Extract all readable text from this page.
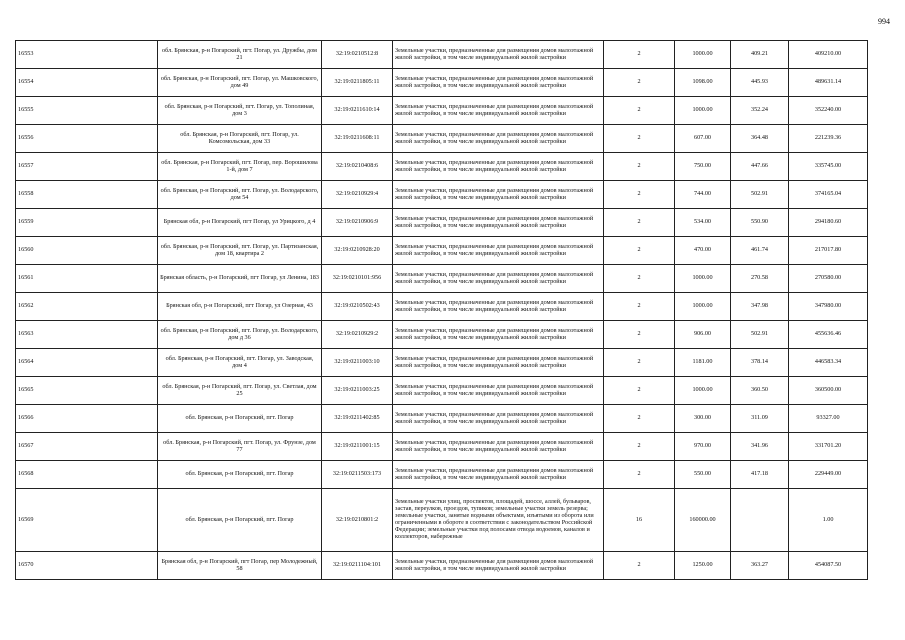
994
16553	обл. Брянская, р-н Погарский, пгт. Погар, ул. Дружбы, дом 21	32:19:0210512:8	Земельные участки, предназначенные для размещения домов малоэтажной жилой застройки, в том числе индивидуальной жилой застройки	2	1000.00	409.21	409210.00
16554	обл. Брянская, р-н Погарский, пгт. Погар, ул. Машковского, дом 49	32:19:0211805:11	Земельные участки, предназначенные для размещения домов малоэтажной жилой застройки, в том числе индивидуальной жилой застройки	2	1098.00	445.93	489631.14
16555	обл. Брянская, р-н Погарский, пгт. Погар, ул. Тополиная, дом 3	32:19:0211610:14	Земельные участки, предназначенные для размещения домов малоэтажной жилой застройки, в том числе индивидуальной жилой застройки	2	1000.00	352.24	352240.00
16556	обл. Брянская, р-н Погарский, пгт. Погар, ул. Комсомольская, дом 33	32:19:0211608:11	Земельные участки, предназначенные для размещения домов малоэтажной жилой застройки, в том числе индивидуальной жилой застройки	2	607.00	364.48	221239.36
16557	обл. Брянская, р-н Погарский, пгт. Погар, пер. Ворошилова 1-й, дом 7	32:19:0210408:6	Земельные участки, предназначенные для размещения домов малоэтажной жилой застройки, в том числе индивидуальной жилой застройки	2	750.00	447.66	335745.00
16558	обл. Брянская, р-н Погарский, пгт. Погар, ул. Володарского, дом 54	32:19:0210929:4	Земельные участки, предназначенные для размещения домов малоэтажной жилой застройки, в том числе индивидуальной жилой застройки	2	744.00	502.91	374165.04
16559	Брянская обл, р-н Погарский, пгт Погар, ул Урицкого, д 4	32:19:0210906:9	Земельные участки, предназначенные для размещения домов малоэтажной жилой застройки, в том числе индивидуальной жилой застройки	2	534.00	550.90	294180.60
16560	обл. Брянская, р-н Погарский, пгт. Погар, ул. Партизанская, дом 18, квартира 2	32:19:0210928:20	Земельные участки, предназначенные для размещения домов малоэтажной жилой застройки, в том числе индивидуальной жилой застройки	2	470.00	461.74	217017.80
16561	Брянская область, р-н Погарский, пгт Погар, ул Ленина, 183	32:19:0210101:956	Земельные участки, предназначенные для размещения домов малоэтажной жилой застройки, в том числе индивидуальной жилой застройки	2	1000.00	270.58	270580.00
16562	Брянская обл, р-н Погарский, пгт Погар, ул Озерная, 43	32:19:0210502:43	Земельные участки, предназначенные для размещения домов малоэтажной жилой застройки, в том числе индивидуальной жилой застройки	2	1000.00	347.98	347980.00
16563	обл. Брянская, р-н Погарский, пгт. Погар, ул. Володарского, дом д 36	32:19:0210929:2	Земельные участки, предназначенные для размещения домов малоэтажной жилой застройки, в том числе индивидуальной жилой застройки	2	906.00	502.91	455636.46
16564	обл. Брянская, р-н Погарский, пгт. Погар, ул. Заводская, дом 4	32:19:0211003:10	Земельные участки, предназначенные для размещения домов малоэтажной жилой застройки, в том числе индивидуальной жилой застройки	2	1181.00	378.14	446583.34
16565	обл. Брянская, р-н Погарский, пгт. Погар, ул. Светлая, дом 25	32:19:0211003:25	Земельные участки, предназначенные для размещения домов малоэтажной жилой застройки, в том числе индивидуальной жилой застройки	2	1000.00	360.50	360500.00
16566	обл. Брянская, р-н Погарский, пгт. Погар	32:19:0211402:85	Земельные участки, предназначенные для размещения домов малоэтажной жилой застройки, в том числе индивидуальной жилой застройки	2	300.00	311.09	93327.00
16567	обл. Брянская, р-н Погарский, пгт. Погар, ул. Фрунзе, дом 77	32:19:0211001:15	Земельные участки, предназначенные для размещения домов малоэтажной жилой застройки, в том числе индивидуальной жилой застройки	2	970.00	341.96	331701.20
16568	обл. Брянская, р-н Погарский, пгт. Погар	32:19:0211503:173	Земельные участки, предназначенные для размещения домов малоэтажной жилой застройки, в том числе индивидуальной жилой застройки	2	550.00	417.18	229449.00
16569	обл. Брянская, р-н Погарский, пгт. Погар	32:19:0210801:2	Земельные участки улиц, проспектов, площадей, шоссе, аллей, бульваров, застав, переулков, проездов, тупиков; земельные участки земель резерва; земельные участки, занятые водными объектами, изъятыми из оборота или ограниченными в обороте в соответствии с законодательством Российской Федерации; земельные участки под полосами отвода водоемов, каналов и коллекторов, набережные	16	160000.00		1.00
16570	Брянская обл, р-н Погарский, пгт Погар, пер Молодежный, 58	32:19:0211104:101	Земельные участки, предназначенные для размещения домов малоэтажной жилой застройки, в том числе индивидуальной жилой застройки	2	1250.00	363.27	454087.50
